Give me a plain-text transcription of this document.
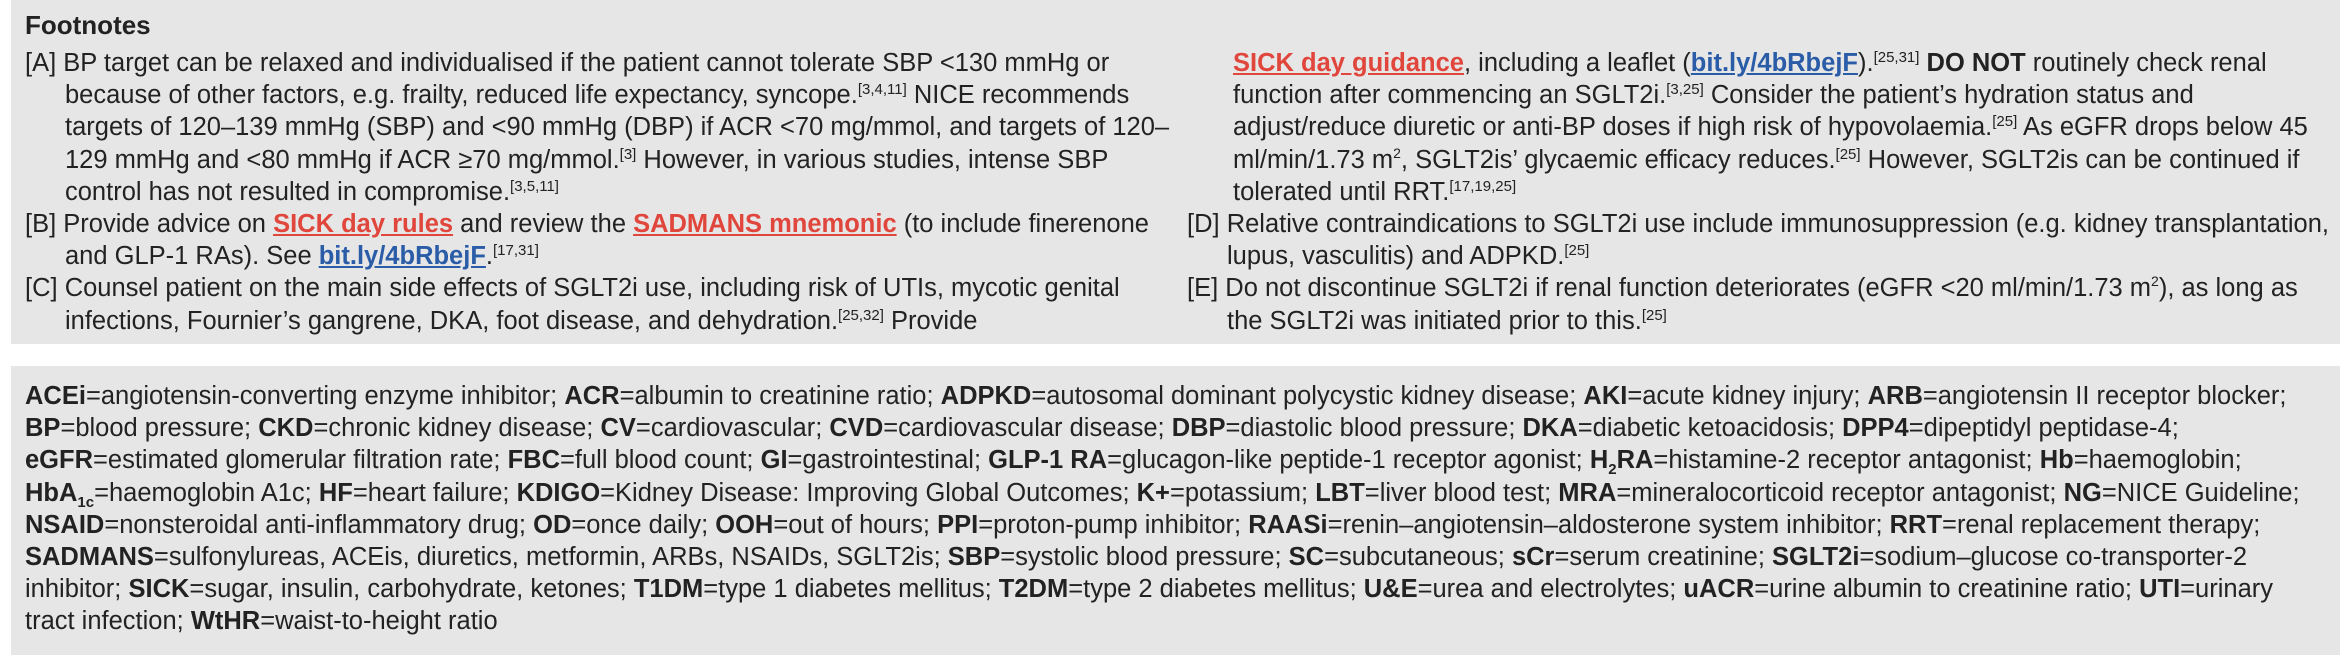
Footnotes
[A] BP target can be relaxed and individualised if the patient cannot tolerate SBP <130 mmHg or because of other factors, e.g. frailty, reduced life expectancy, syncope.[3,4,11] NICE recommends targets of 120–139 mmHg (SBP) and <90 mmHg (DBP) if ACR <70 mg/mmol, and targets of 120–129 mmHg and <80 mmHg if ACR ≥70 mg/mmol.[3] However, in various studies, intense SBP control has not resulted in compromise.[3,5,11]
[B] Provide advice on SICK day rules and review the SADMANS mnemonic (to include finerenone and GLP-1 RAs). See bit.ly/4bRbejF.[17,31]
[C] Counsel patient on the main side effects of SGLT2i use, including risk of UTIs, mycotic genital infections, Fournier’s gangrene, DKA, foot disease, and dehydration.[25,32] Provide
SICK day guidance, including a leaflet (bit.ly/4bRbejF).[25,31] DO NOT routinely check renal function after commencing an SGLT2i.[3,25] Consider the patient’s hydration status and adjust/reduce diuretic or anti-BP doses if high risk of hypovolaemia.[25] As eGFR drops below 45 ml/min/1.73 $m^2$, SGLT2is’ glycaemic efficacy reduces.[25] However, SGLT2is can be continued if tolerated until RRT.[17,19,25]
[D] Relative contraindications to SGLT2i use include immunosuppression (e.g. kidney transplantation, lupus, vasculitis) and ADPKD.[25]
[E] Do not discontinue SGLT2i if renal function deteriorates (eGFR <20 ml/min/1.73 $m^2$), as long as the SGLT2i was initiated prior to this.[25]
ACEi=angiotensin-converting enzyme inhibitor; ACR=albumin to creatinine ratio; ADPKD=autosomal dominant polycystic kidney disease; AKI=acute kidney injury; ARB=angiotensin II receptor blocker; BP=blood pressure; CKD=chronic kidney disease; CV=cardiovascular; CVD=cardiovascular disease; DBP=diastolic blood pressure; DKA=diabetic ketoacidosis; DPP4=dipeptidyl peptidase-4; eGFR=estimated glomerular filtration rate; FBC=full blood count; GI=gastrointestinal; GLP-1 RA=glucagon-like peptide-1 receptor agonist; $H_2RA=histamine-2$ receptor antagonist; Hb=haemoglobin; HbA$_{1c}$=haemoglobin A1c; HF=heart failure; KDIGO=Kidney Disease: Improving Global Outcomes; K+=potassium; LBT=liver blood test; MRA=mineralocorticoid receptor antagonist; NG=NICE Guideline; NSAID=nonsteroidal anti-inflammatory drug; OD=once daily; OOH=out of hours; PPI=proton-pump inhibitor; RAASi=renin–angiotensin–aldosterone system inhibitor; RRT=renal replacement therapy; SADMANS=sulfonylureas, ACEis, diuretics, metformin, ARBs, NSAIDs, SGLT2is; SBP=systolic blood pressure; SC=subcutaneous; sCr=serum creatinine; SGLT2i=sodium–glucose co-transporter-2 inhibitor; SICK=sugar, insulin, carbohydrate, ketones; T1DM=type 1 diabetes mellitus; T2DM=type 2 diabetes mellitus; U&E=urea and electrolytes; uACR=urine albumin to creatinine ratio; UTI=urinary tract infection; WtHR=waist-to-height ratio
